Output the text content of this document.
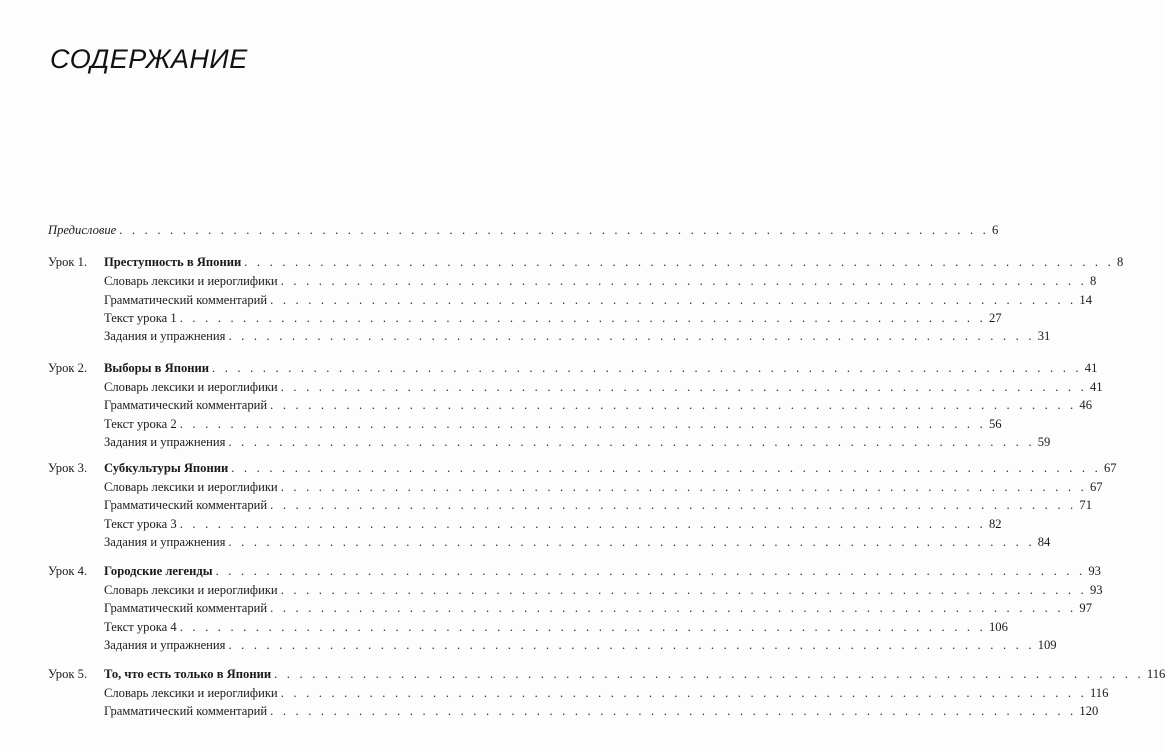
СОДЕРЖАНИЕ
Предисловие . . . . . . . . . . . . . . . . . . . . . . . . . . . . . . . . . . . . . . . . . . . . . . . . . . . . . . . . . . . . . . . . . . . . . 6
Урок 1. Преступность в Японии . . . . . . . . . . . . . . . . . . . . . . . . . . . . . . . . . . . . . . . . . . . . . . . . . . . . . . . . . . . . . . . . . . . . . 8
Словарь лексики и иероглифики . . . . . . . . . . . . . . . . . . . . . . . . . . . . . . . . . . . . . . . . . . . . . . . . . . . . . . . . . . . . . . . . 8
Грамматический комментарий . . . . . . . . . . . . . . . . . . . . . . . . . . . . . . . . . . . . . . . . . . . . . . . . . . . . . . . . . . . . . . . . 14
Текст урока 1 . . . . . . . . . . . . . . . . . . . . . . . . . . . . . . . . . . . . . . . . . . . . . . . . . . . . . . . . . . . . . . . . 27
Задания и упражнения . . . . . . . . . . . . . . . . . . . . . . . . . . . . . . . . . . . . . . . . . . . . . . . . . . . . . . . . . . . . . . . . 31
Урок 2. Выборы в Японии . . . . . . . . . . . . . . . . . . . . . . . . . . . . . . . . . . . . . . . . . . . . . . . . . . . . . . . . . . . . . . . . . . . . . 41
Словарь лексики и иероглифики . . . . . . . . . . . . . . . . . . . . . . . . . . . . . . . . . . . . . . . . . . . . . . . . . . . . . . . . . . . . . . . . 41
Грамматический комментарий . . . . . . . . . . . . . . . . . . . . . . . . . . . . . . . . . . . . . . . . . . . . . . . . . . . . . . . . . . . . . . . . 46
Текст урока 2 . . . . . . . . . . . . . . . . . . . . . . . . . . . . . . . . . . . . . . . . . . . . . . . . . . . . . . . . . . . . . . . . 56
Задания и упражнения . . . . . . . . . . . . . . . . . . . . . . . . . . . . . . . . . . . . . . . . . . . . . . . . . . . . . . . . . . . . . . . . 59
Урок 3. Субкультуры Японии . . . . . . . . . . . . . . . . . . . . . . . . . . . . . . . . . . . . . . . . . . . . . . . . . . . . . . . . . . . . . . . . . . . . . 67
Словарь лексики и иероглифики . . . . . . . . . . . . . . . . . . . . . . . . . . . . . . . . . . . . . . . . . . . . . . . . . . . . . . . . . . . . . . . . 67
Грамматический комментарий . . . . . . . . . . . . . . . . . . . . . . . . . . . . . . . . . . . . . . . . . . . . . . . . . . . . . . . . . . . . . . . . 71
Текст урока 3 . . . . . . . . . . . . . . . . . . . . . . . . . . . . . . . . . . . . . . . . . . . . . . . . . . . . . . . . . . . . . . . . 82
Задания и упражнения . . . . . . . . . . . . . . . . . . . . . . . . . . . . . . . . . . . . . . . . . . . . . . . . . . . . . . . . . . . . . . . . 84
Урок 4. Городские легенды . . . . . . . . . . . . . . . . . . . . . . . . . . . . . . . . . . . . . . . . . . . . . . . . . . . . . . . . . . . . . . . . . . . . . 93
Словарь лексики и иероглифики . . . . . . . . . . . . . . . . . . . . . . . . . . . . . . . . . . . . . . . . . . . . . . . . . . . . . . . . . . . . . . . . 93
Грамматический комментарий . . . . . . . . . . . . . . . . . . . . . . . . . . . . . . . . . . . . . . . . . . . . . . . . . . . . . . . . . . . . . . . . 97
Текст урока 4 . . . . . . . . . . . . . . . . . . . . . . . . . . . . . . . . . . . . . . . . . . . . . . . . . . . . . . . . . . . . . . . . 106
Задания и упражнения . . . . . . . . . . . . . . . . . . . . . . . . . . . . . . . . . . . . . . . . . . . . . . . . . . . . . . . . . . . . . . . . 109
Урок 5. То, что есть только в Японии . . . . . . . . . . . . . . . . . . . . . . . . . . . . . . . . . . . . . . . . . . . . . . . . . . . . . . . . . . . . . . . . . . . . . 116
Словарь лексики и иероглифики . . . . . . . . . . . . . . . . . . . . . . . . . . . . . . . . . . . . . . . . . . . . . . . . . . . . . . . . . . . . . . . . 116
Грамматический комментарий . . . . . . . . . . . . . . . . . . . . . . . . . . . . . . . . . . . . . . . . . . . . . . . . . . . . . . . . . . . . . . . . 120
